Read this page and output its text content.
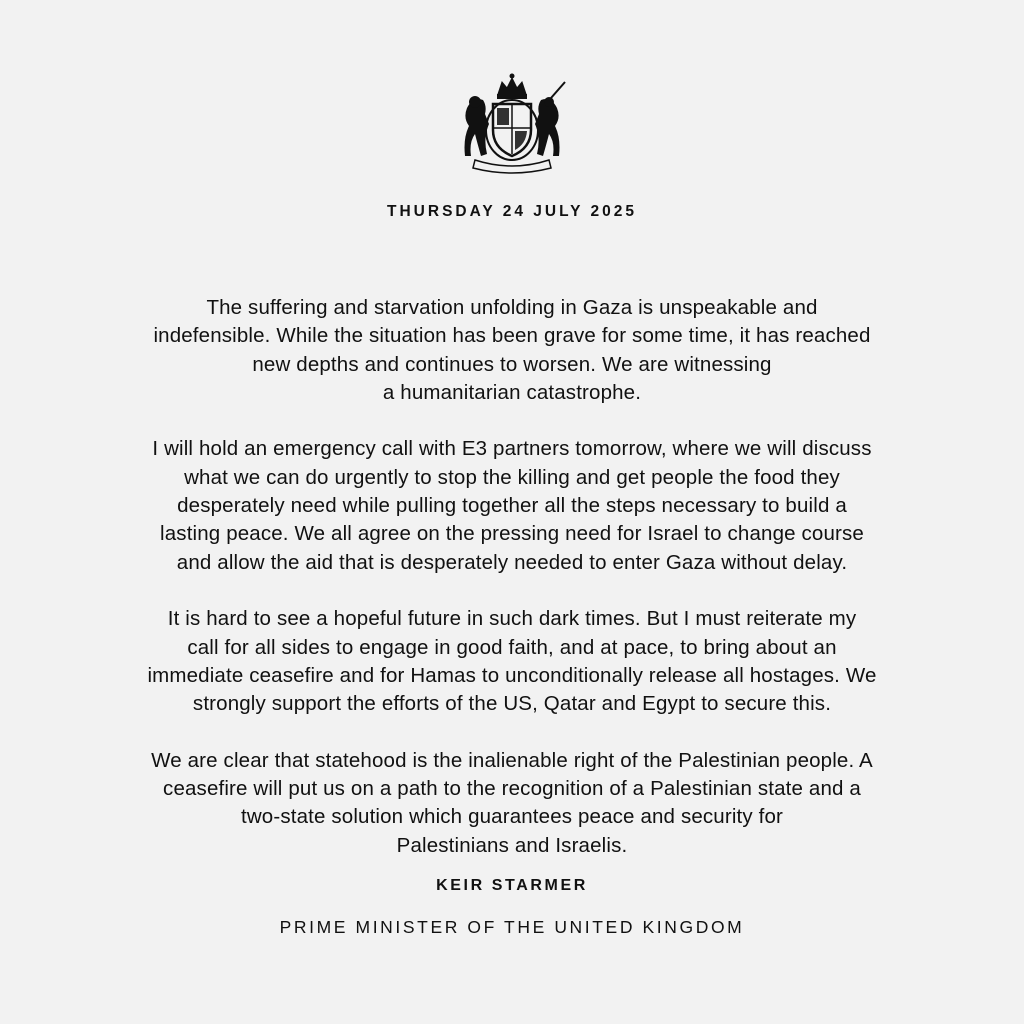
THURSDAY 24 JULY 2025

The suffering and starvation unfolding in Gaza is unspeakable and
indefensible. While the situation has been grave for some time, it has reached
new depths and continues to worsen. We are witnessing
a humanitarian catastrophe.

I will hold an emergency call with E3 partners tomorrow, where we will discuss
what we can do urgently to stop the killing and get people the food they
desperately need while pulling together all the steps necessary to build a
lasting peace. We all agree on the pressing need for Israel to change course
and allow the aid that is desperately needed to enter Gaza without delay.

It is hard to see a hopeful future in such dark times. But I must reiterate my
call for all sides to engage in good faith, and at pace, to bring about an
immediate ceasefire and for Hamas to unconditionally release all hostages. We
strongly support the efforts of the US, Qatar and Egypt to secure this.

We are clear that statehood is the inalienable right of the Palestinian people. A
ceasefire will put us on a path to the recognition of a Palestinian state and a
two-state solution which guarantees peace and security for
Palestinians and Israelis.

KEIR STARMER
PRIME MINISTER OF THE UNITED KINGDOM
